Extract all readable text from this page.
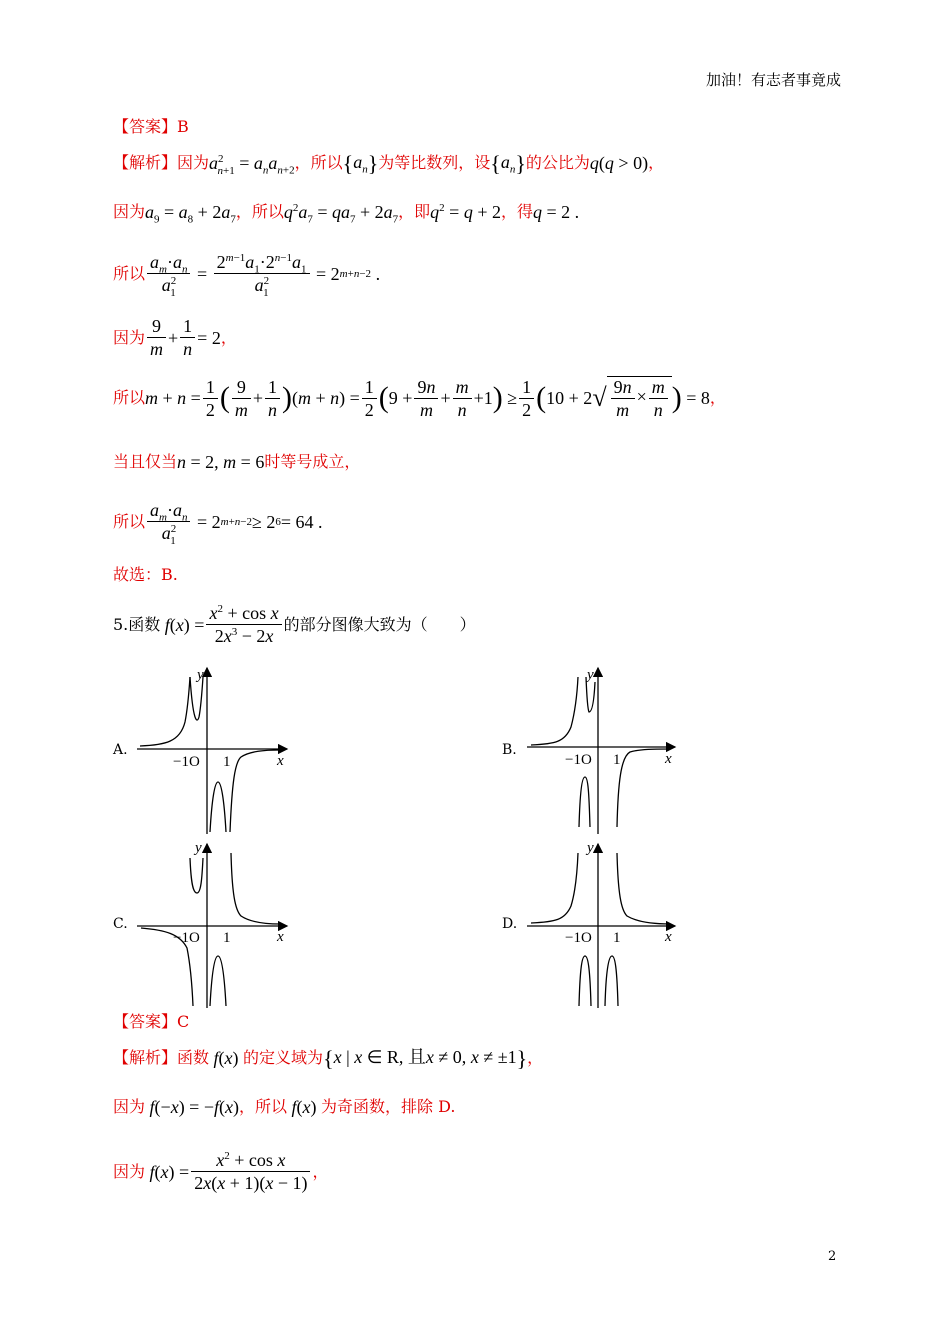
加油！有志者事竟成
【答案】B
【解析】 因为 $a^2_{n+1} = a_na_{n+2}$ ，所以 $\{a_n\}$ 为等比数列，设 $\{a_n\}$ 的公比为 q(q > 0) ，
因为 $a_9 = a_8 + 2a_7$ ，所以 $q^2a_7 = qa_7 + 2a_7$ ，即 $q^2 = q + 2$ ，得 q = 2 .
所以 $\frac{a_m\cdot a_n}{a^2_1} = \frac{2^{m-1}a_1\cdot 2^{n-1}a_1}{a^2_1} = 2$ m+n−2 .
因为 $\frac{9}{m} + \frac{1}{n} = 2$ ，
所以 $m + n = \frac{1}{2}$ ( $\frac{9}{m} + \frac{1}{n}$ ) ( m + n ) = $\frac{1}{2}$ ( $9 + \frac{9n}{m} + \frac{m}{n} +1$ ) ≥ $\frac{1}{2}$ ( 10 + 2 √ $\frac{9n}{m} \times \frac{m}{n}$ ) = 8 ，
当且仅当 n = 2, m = 6 时等号成立，
所以 $\frac{a_m\cdot a_n}{a^2_1} = 2$ m+n−2 ≥ 2 6 = 64 .
故选：B.
5.函数
f ( x ) = $\frac{x^2 + \cos x}{2x^3 - 2x}$ 的部分图像大致为（　　）
A.	B.
C.	D.
y
x
−1O 1
y
x
−1O 1
y
x
−1O 1
y
x
−1O 1
【答案】C
【解析】 函数 f(x) 的定义域为 {x | x ∈ R, 且x ≠ 0, x ≠ ±1} ，
因为 f(−x) = −f(x) ，所以 f(x) 为奇函数，排除 D.
因为
f ( x ) = $\frac{x^2 + \cos x}{2x(x + 1)(x - 1)}$ ，
2
